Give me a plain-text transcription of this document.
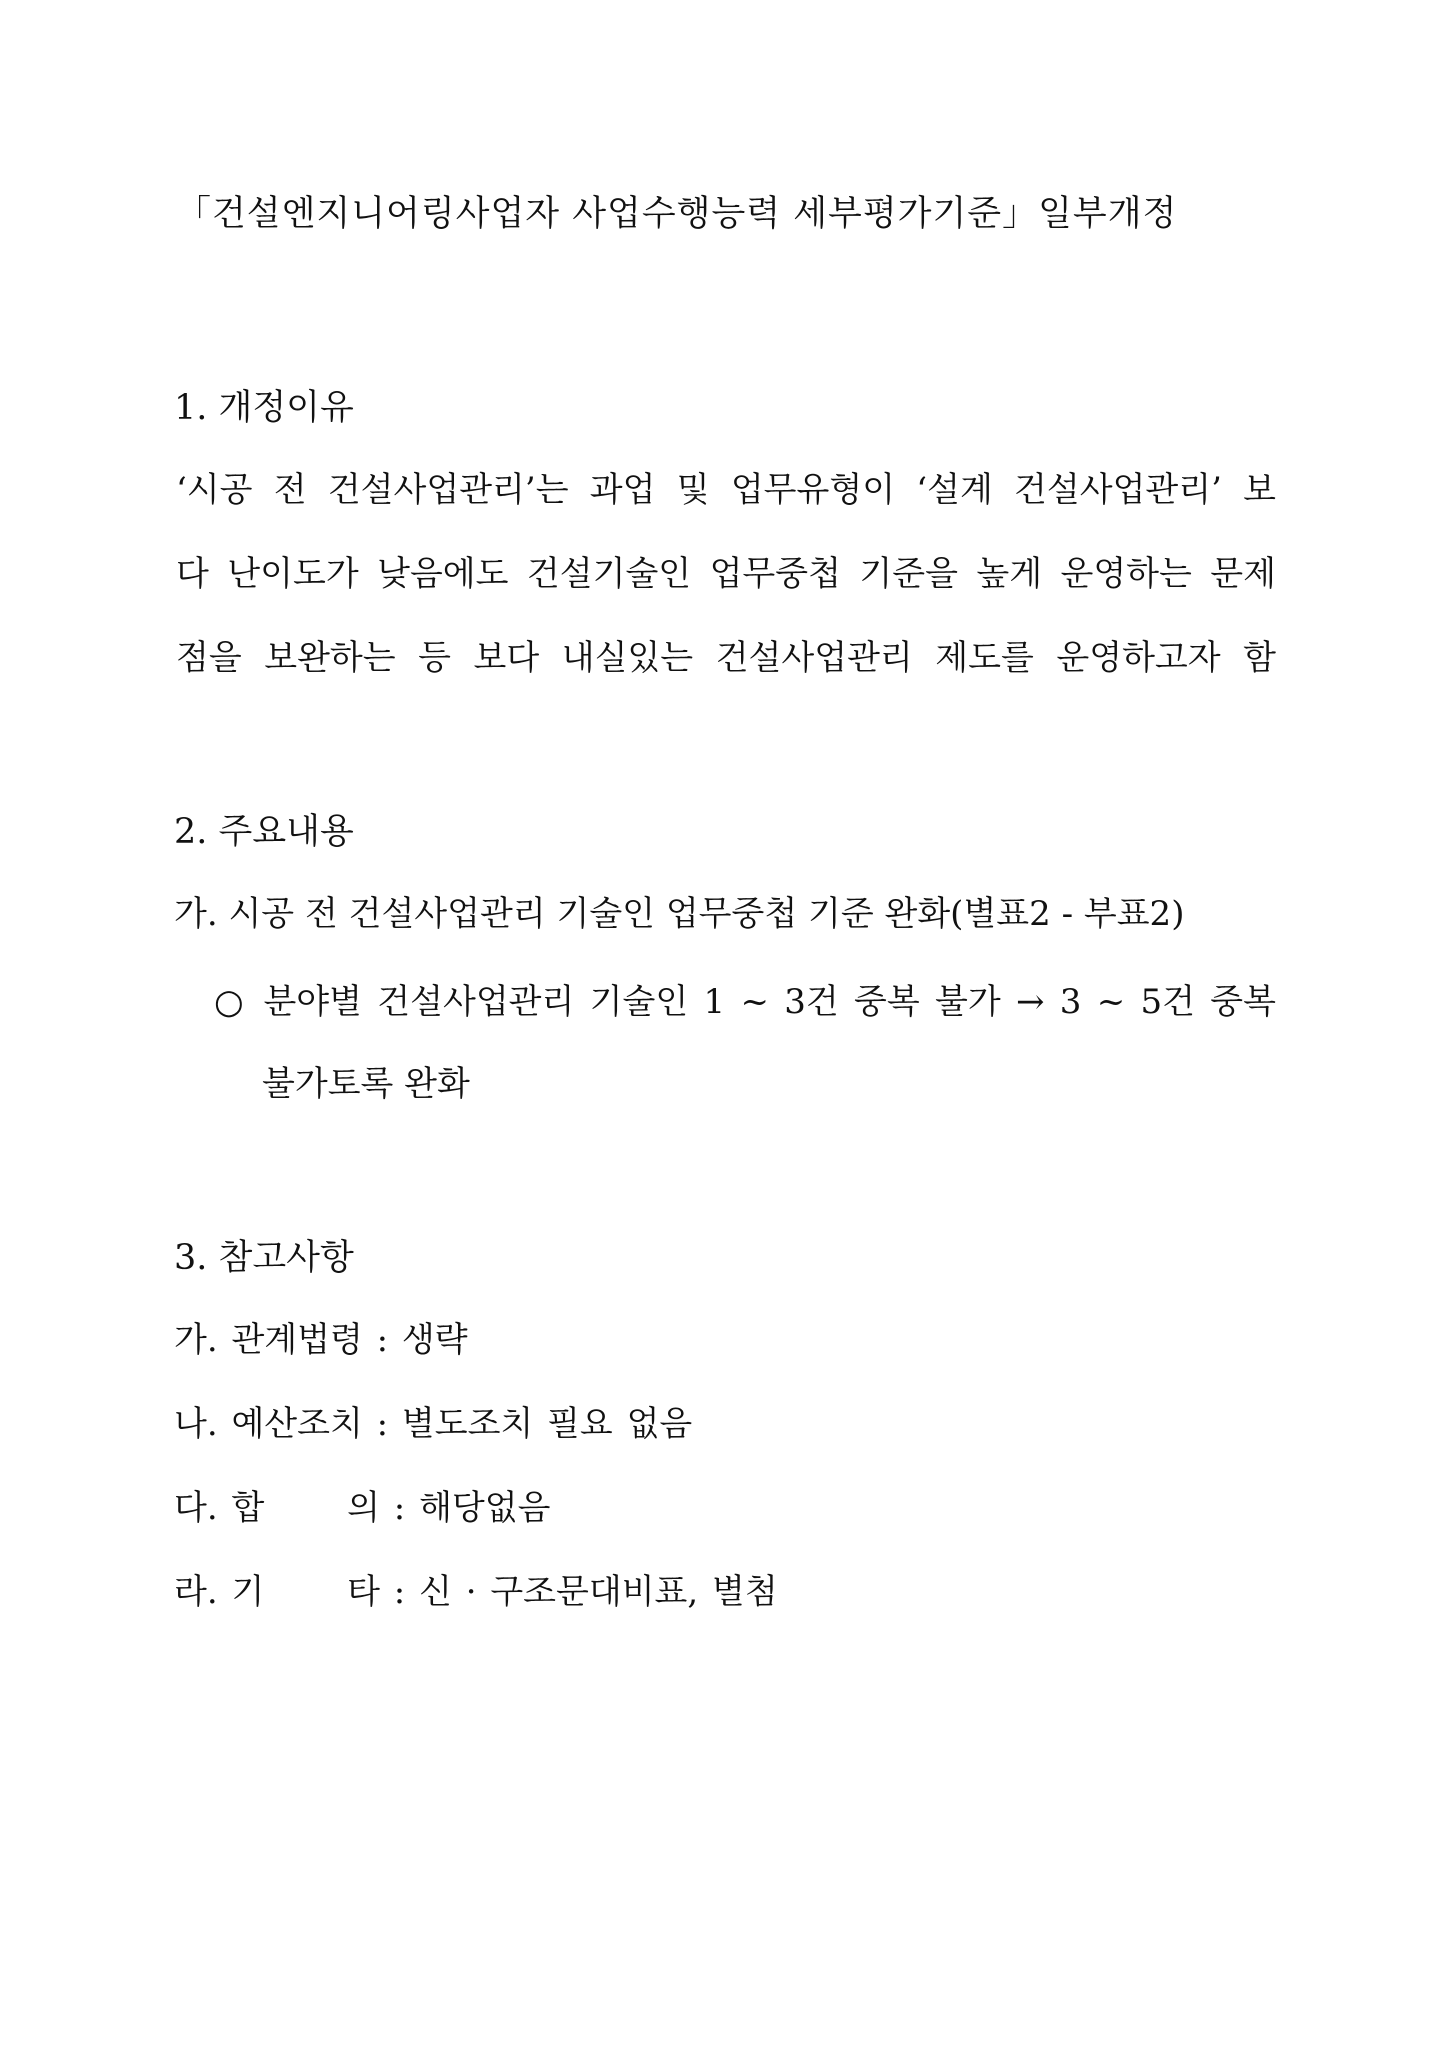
「건설엔지니어링사업자 사업수행능력 세부평가기준」일부개정
1. 개정이유
‘시공 전 건설사업관리’는 과업 및 업무유형이 ‘설계 건설사업관리’ 보
다 난이도가 낮음에도 건설기술인 업무중첩 기준을 높게 운영하는 문제
점을 보완하는 등 보다 내실있는 건설사업관리 제도를 운영하고자 함
2. 주요내용
가. 시공 전 건설사업관리 기술인 업무중첩 기준 완화(별표2 - 부표2)
○ 분야별 건설사업관리 기술인 1 ~ 3건 중복 불가 → 3 ~ 5건 중복
불가토록 완화
3. 참고사항
가. 관계법령 : 생략
나. 예산조치 : 별도조치 필요 없음
다. 합      의 : 해당없음
라. 기      타 : 신 · 구조문대비표, 별첨
